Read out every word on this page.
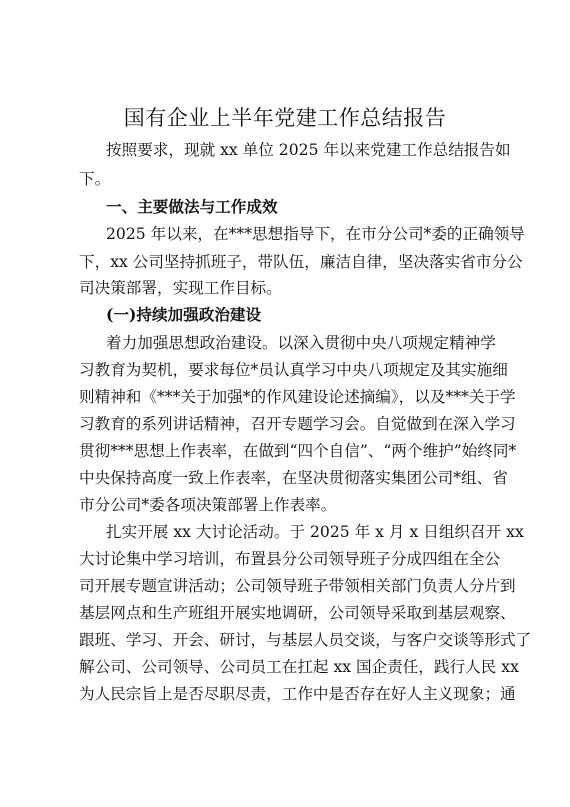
国有企业上半年党建工作总结报告
按照要求，现就 xx 单位 2025 年以来党建工作总结报告如
下。
一、主要做法与工作成效
2025 年以来，在***思想指导下，在市分公司*委的正确领导
下，xx 公司坚持抓班子，带队伍，廉洁自律，坚决落实省市分公
司决策部署，实现工作目标。
(一)持续加强政治建设
着力加强思想政治建设。以深入贯彻中央八项规定精神学
习教育为契机，要求每位*员认真学习中央八项规定及其实施细
则精神和《***关于加强*的作风建设论述摘编》，以及***关于学
习教育的系列讲话精神，召开专题学习会。自觉做到在深入学习
贯彻***思想上作表率，在做到“四个自信”、“两个维护”始终同*
中央保持高度一致上作表率，在坚决贯彻落实集团公司*组、省
市分公司*委各项决策部署上作表率。
扎实开展 xx 大讨论活动。于 2025 年 x 月 x 日组织召开 xx
大讨论集中学习培训，布置县分公司领导班子分成四组在全公
司开展专题宣讲活动；公司领导班子带领相关部门负责人分片到
基层网点和生产班组开展实地调研，公司领导采取到基层观察、
跟班、学习、开会、研讨，与基层人员交谈，与客户交谈等形式了
解公司、公司领导、公司员工在扛起 xx 国企责任，践行人民 xx
为人民宗旨上是否尽职尽责，工作中是否存在好人主义现象；通
